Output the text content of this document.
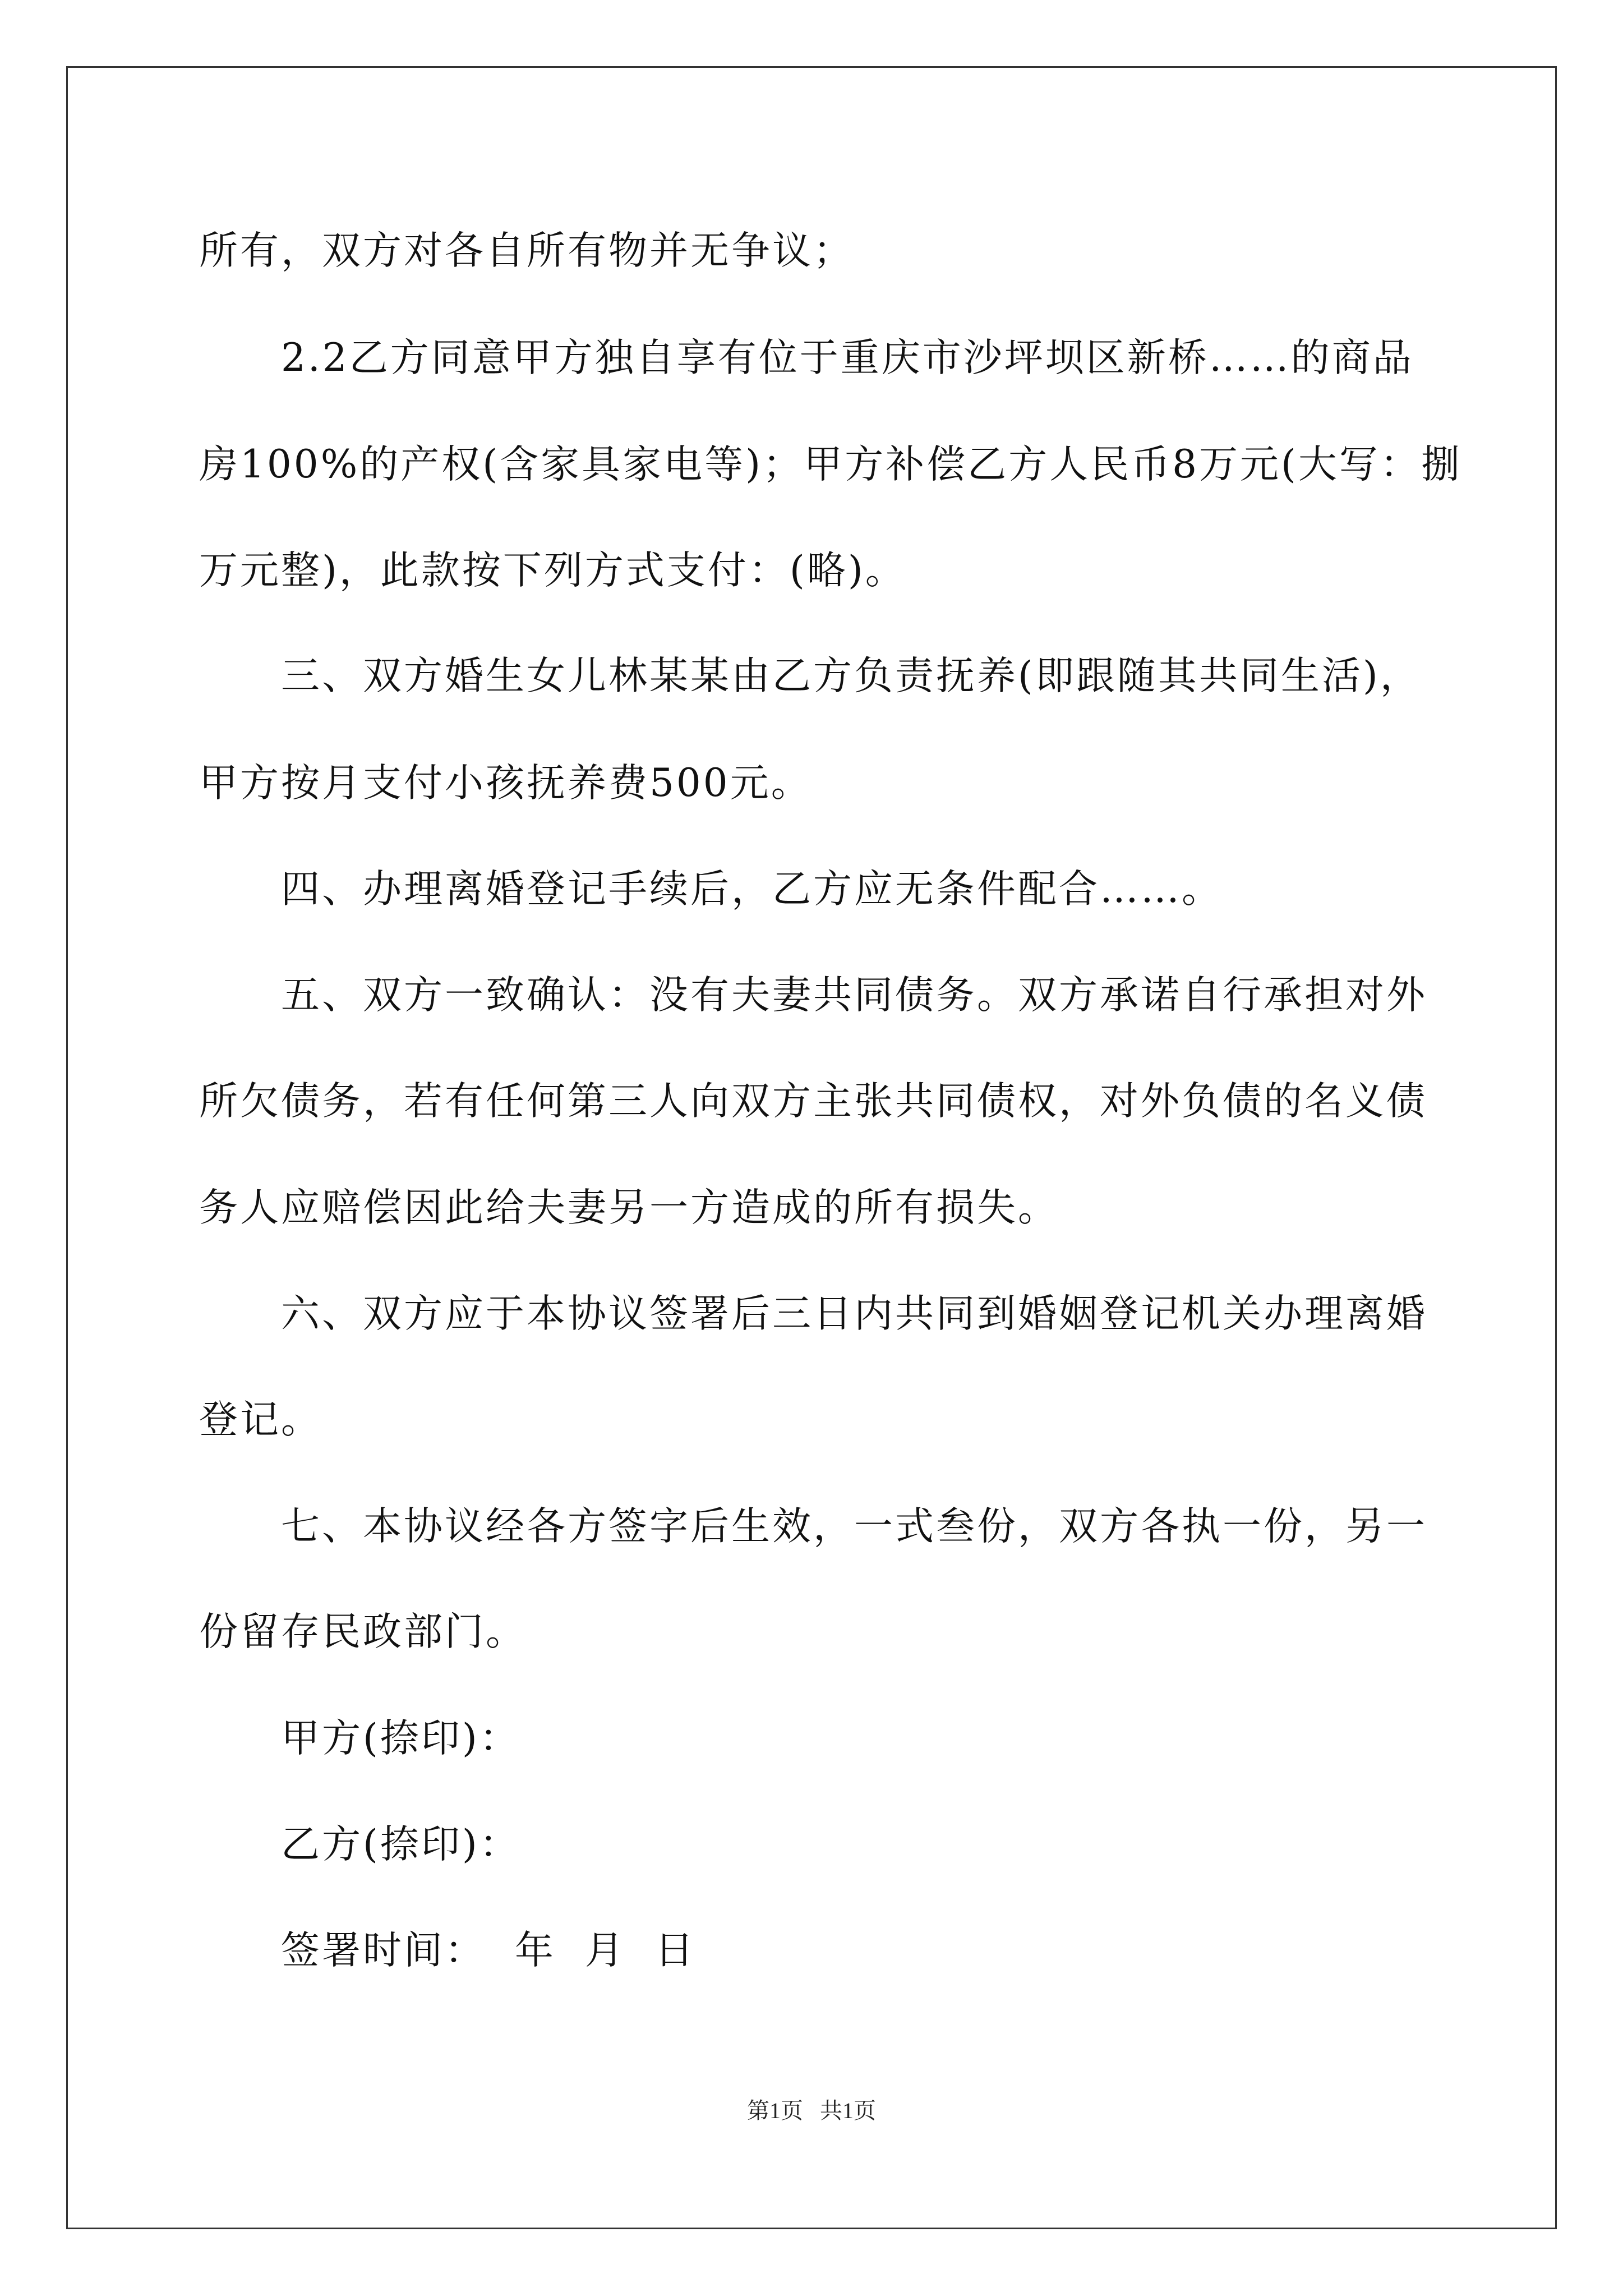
所有，双方对各自所有物并无争议；
2.2乙方同意甲方独自享有位于重庆市沙坪坝区新桥……的商品
房100%的产权(含家具家电等)；甲方补偿乙方人民币8万元(大写：捌
万元整)，此款按下列方式支付：(略)。
三、双方婚生女儿林某某由乙方负责抚养(即跟随其共同生活)，
甲方按月支付小孩抚养费500元。
四、办理离婚登记手续后，乙方应无条件配合……。
五、双方一致确认：没有夫妻共同债务。双方承诺自行承担对外
所欠债务，若有任何第三人向双方主张共同债权，对外负债的名义债
务人应赔偿因此给夫妻另一方造成的所有损失。
六、双方应于本协议签署后三日内共同到婚姻登记机关办理离婚
登记。
七、本协议经各方签字后生效，一式叁份，双方各执一份，另一
份留存民政部门。
甲方(捺印)：
乙方(捺印)：
签署时间：  年  月  日
第1页   共1页
